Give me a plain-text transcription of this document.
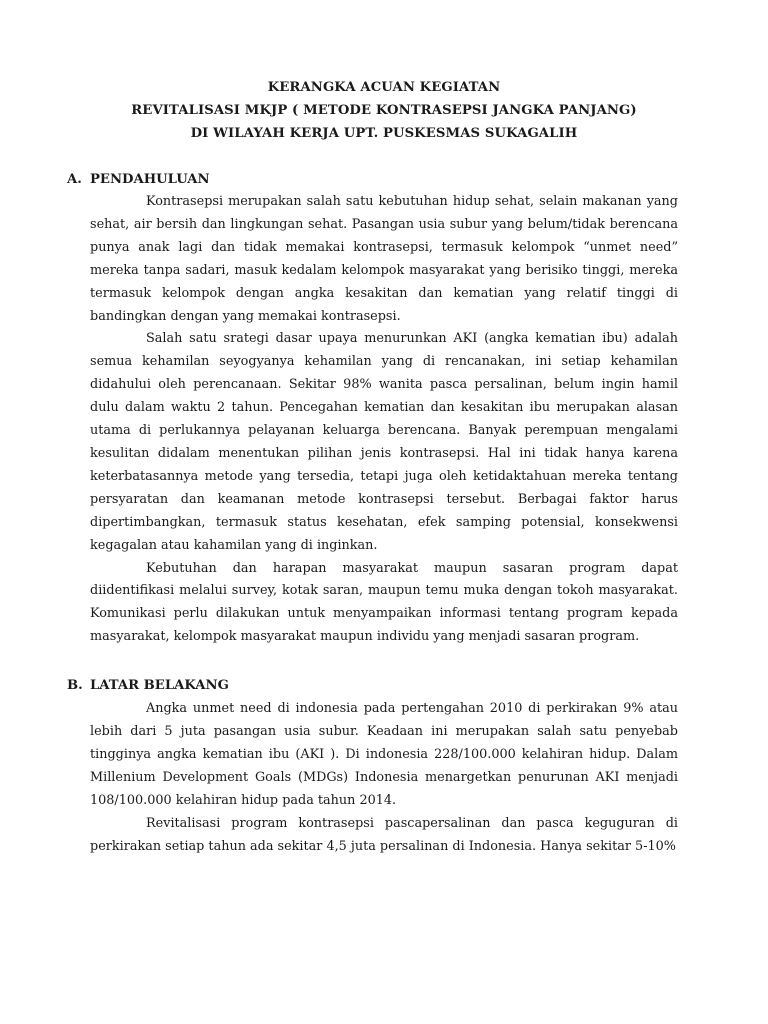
KERANGKA ACUAN KEGIATAN
REVITALISASI MKJP ( METODE KONTRASEPSI JANGKA PANJANG)
DI WILAYAH KERJA UPT. PUSKESMAS SUKAGALIH
A. PENDAHULUAN

Kontrasepsi merupakan salah satu kebutuhan hidup sehat, selain makanan yang sehat, air bersih dan lingkungan sehat. Pasangan usia subur yang belum/tidak berencana punya anak lagi dan tidak memakai kontrasepsi, termasuk kelompok “unmet need” mereka tanpa sadari, masuk kedalam kelompok masyarakat yang berisiko tinggi, mereka termasuk kelompok dengan angka kesakitan dan kematian yang relatif tinggi di bandingkan dengan yang memakai kontrasepsi.

Salah satu srategi dasar upaya menurunkan AKI (angka kematian ibu) adalah semua kehamilan seyogyanya kehamilan yang di rencanakan, ini setiap kehamilan didahului oleh perencanaan. Sekitar 98% wanita pasca persalinan, belum ingin hamil dulu dalam waktu 2 tahun. Pencegahan kematian dan kesakitan ibu merupakan alasan utama di perlukannya pelayanan keluarga berencana. Banyak perempuan mengalami kesulitan didalam menentukan pilihan jenis kontrasepsi. Hal ini tidak hanya karena keterbatasannya metode yang tersedia, tetapi juga oleh ketidaktahuan mereka tentang persyaratan dan keamanan metode kontrasepsi tersebut. Berbagai faktor harus dipertimbangkan, termasuk status kesehatan, efek samping potensial, konsekwensi kegagalan atau kahamilan yang di inginkan.

Kebutuhan dan harapan masyarakat maupun sasaran program dapat diidentifikasi melalui survey, kotak saran, maupun temu muka dengan tokoh masyarakat. Komunikasi perlu dilakukan untuk menyampaikan informasi tentang program kepada masyarakat, kelompok masyarakat maupun individu yang menjadi sasaran program.

B. LATAR BELAKANG

Angka unmet need di indonesia pada pertengahan 2010 di perkirakan 9% atau lebih dari 5 juta pasangan usia subur. Keadaan ini merupakan salah satu penyebab tingginya angka kematian ibu (AKI ). Di indonesia 228/100.000 kelahiran hidup. Dalam Millenium Development Goals (MDGs) Indonesia menargetkan penurunan AKI menjadi 108/100.000 kelahiran hidup pada tahun 2014.

Revitalisasi program kontrasepsi pascapersalinan dan pasca keguguran di perkirakan setiap tahun ada sekitar 4,5 juta persalinan di Indonesia. Hanya sekitar 5-10%
